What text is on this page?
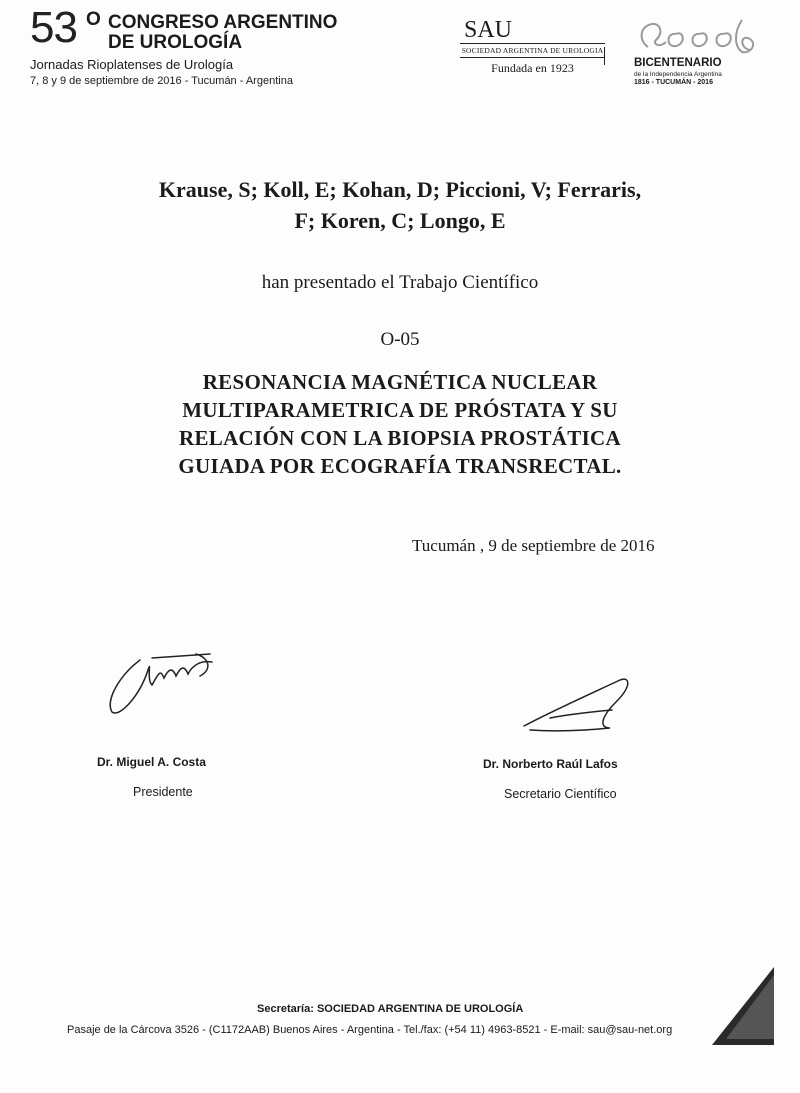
53 O CONGRESO ARGENTINO
DE UROLOGÍA
Jornadas Rioplatenses de Urología
7, 8 y 9 de septiembre de 2016 - Tucumán - Argentina
SAU
SOCIEDAD ARGENTINA DE UROLOGIA
Fundada en 1923	BICENTENARIO
de la Independencia Argentina
1816 - TUCUMÁN - 2016
Krause, S; Koll, E; Kohan, D; Piccioni, V; Ferraris,
F; Koren, C; Longo, E
han presentado el Trabajo Científico
O-05
RESONANCIA MAGNÉTICA NUCLEAR
MULTIPARAMETRICA DE PRÓSTATA Y SU
RELACIÓN CON LA BIOPSIA PROSTÁTICA
GUIADA POR ECOGRAFÍA TRANSRECTAL.
Tucumán , 9 de septiembre de 2016
Dr. Miguel A. Costa
Presidente
Dr. Norberto Raúl Lafos
Secretario Científico
Secretaría: SOCIEDAD ARGENTINA DE UROLOGÍA
Pasaje de la Cárcova 3526 - (C1172AAB) Buenos Aires - Argentina - Tel./fax: (+54 11) 4963-8521 - E-mail: sau@sau-net.org
